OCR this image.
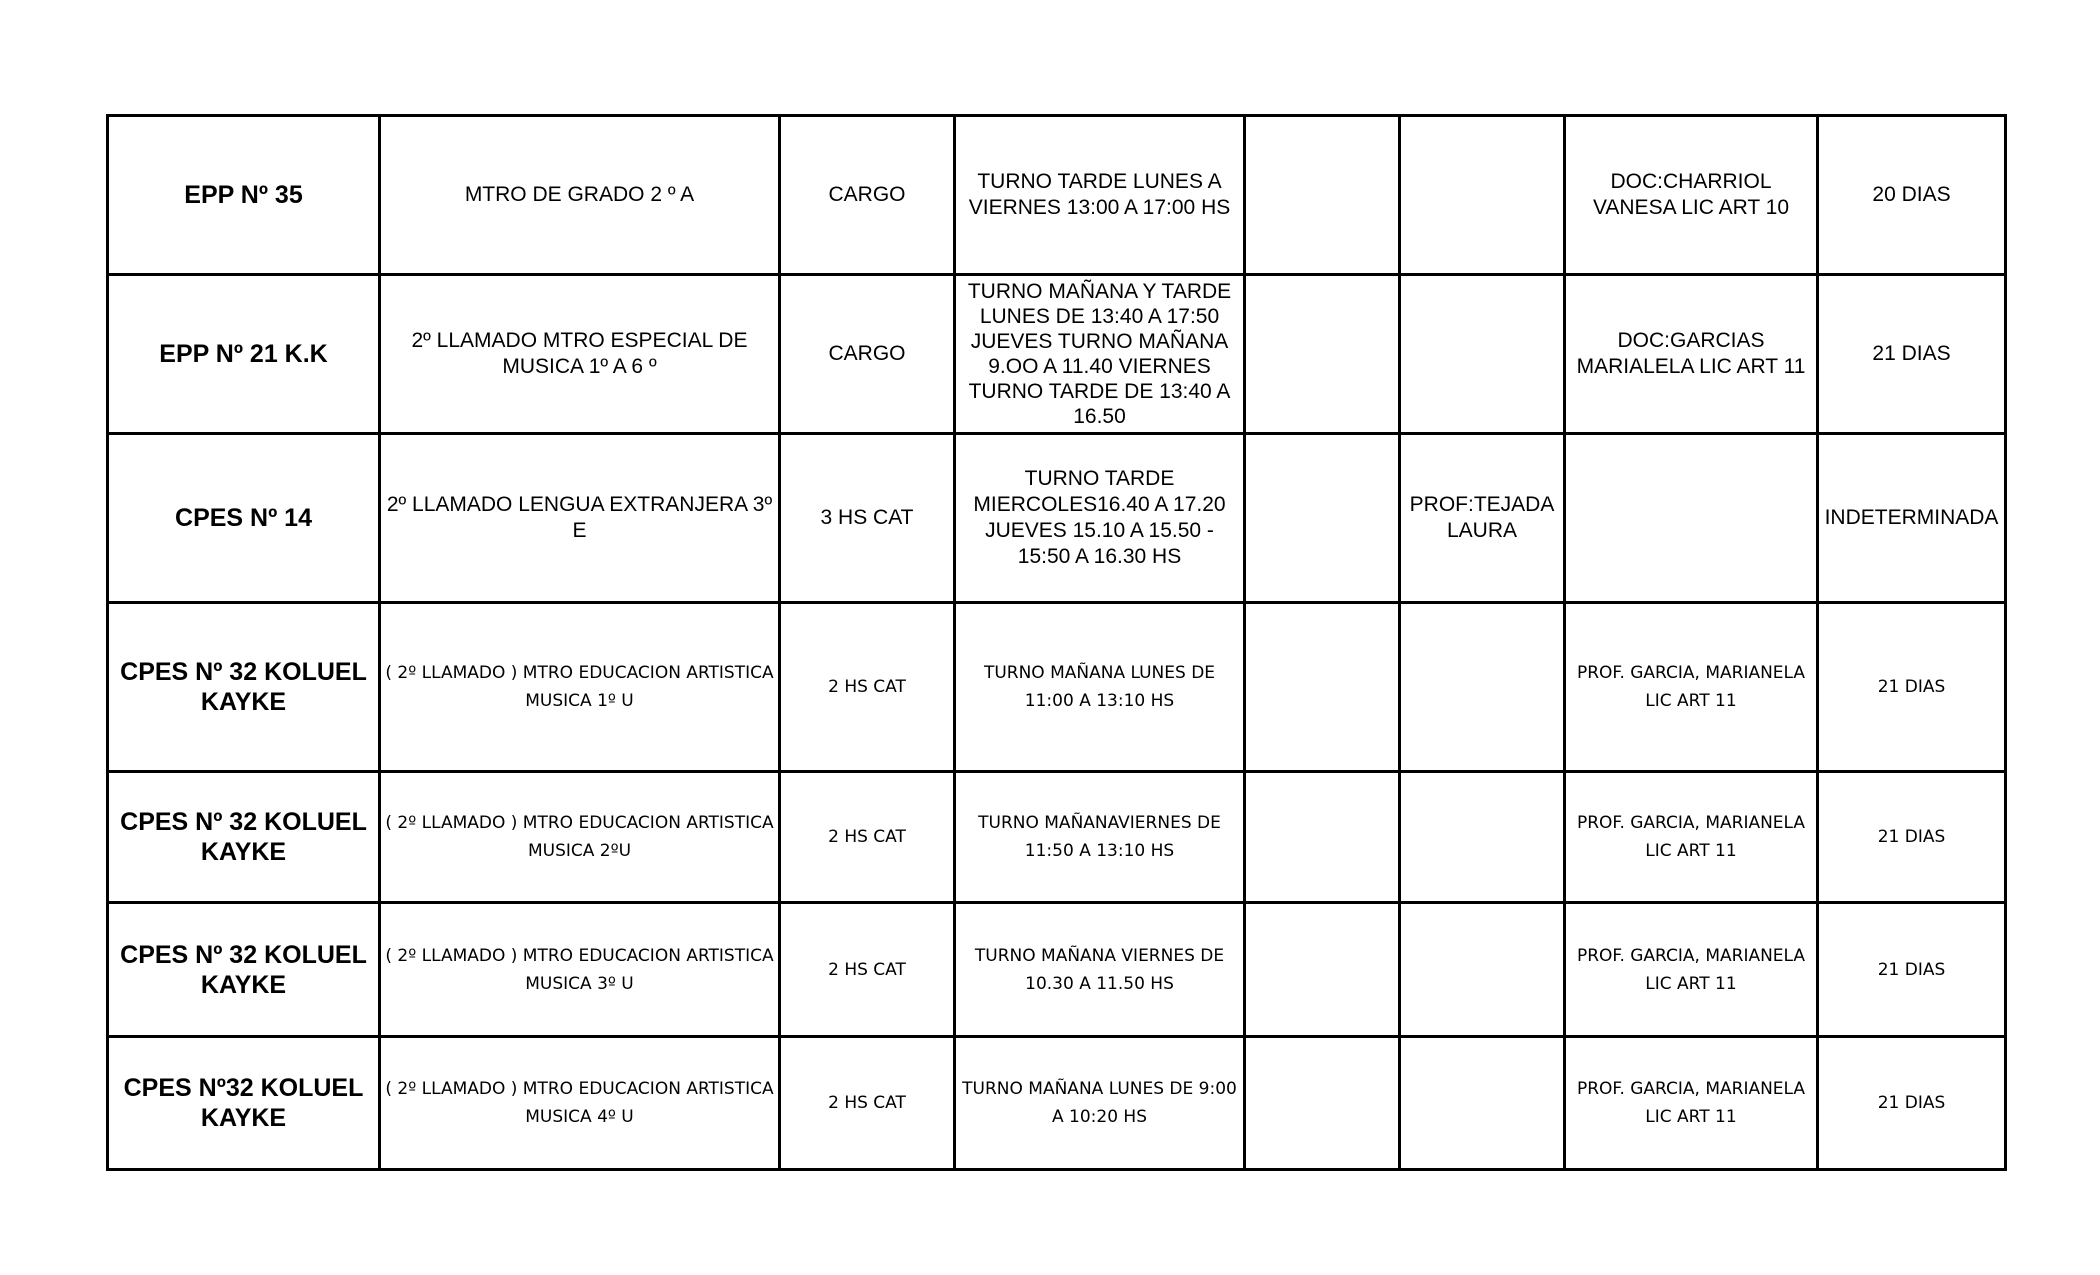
EPP Nº 35	MTRO DE GRADO 2 º A	CARGO	TURNO TARDE LUNES A VIERNES 13:00 A 17:00 HS			DOC:CHARRIOL VANESA LIC ART 10	20 DIAS
EPP Nº 21 K.K	2º LLAMADO MTRO ESPECIAL DE MUSICA 1º A 6 º	CARGO	TURNO MAÑANA Y TARDE LUNES DE 13:40 A 17:50 JUEVES TURNO MAÑANA 9.OO A 11.40 VIERNES TURNO TARDE DE 13:40 A 16.50			DOC:GARCIAS MARIALELA LIC ART 11	21 DIAS
CPES Nº 14	2º LLAMADO LENGUA EXTRANJERA 3º E	3 HS CAT	TURNO TARDE MIERCOLES16.40 A 17.20 JUEVES 15.10 A 15.50 - 15:50 A 16.30 HS		PROF:TEJADA LAURA		INDETERMINADA
CPES Nº 32 KOLUEL KAYKE	( 2º LLAMADO ) MTRO EDUCACION ARTISTICA MUSICA 1º U	2 HS CAT	TURNO MAÑANA LUNES DE 11:00 A 13:10 HS			PROF. GARCIA, MARIANELA LIC ART 11	21 DIAS
CPES Nº 32 KOLUEL KAYKE	( 2º LLAMADO ) MTRO EDUCACION ARTISTICA MUSICA 2ºU	2 HS CAT	TURNO MAÑANAVIERNES DE 11:50 A 13:10 HS			PROF. GARCIA, MARIANELA LIC ART 11	21 DIAS
CPES Nº 32 KOLUEL KAYKE	( 2º LLAMADO ) MTRO EDUCACION ARTISTICA MUSICA 3º U	2 HS CAT	TURNO MAÑANA VIERNES DE 10.30 A 11.50 HS			PROF. GARCIA, MARIANELA LIC ART 11	21 DIAS
CPES Nº32 KOLUEL KAYKE	( 2º LLAMADO ) MTRO EDUCACION ARTISTICA MUSICA 4º U	2 HS CAT	TURNO MAÑANA LUNES DE 9:00 A 10:20 HS			PROF. GARCIA, MARIANELA LIC ART 11	21 DIAS
